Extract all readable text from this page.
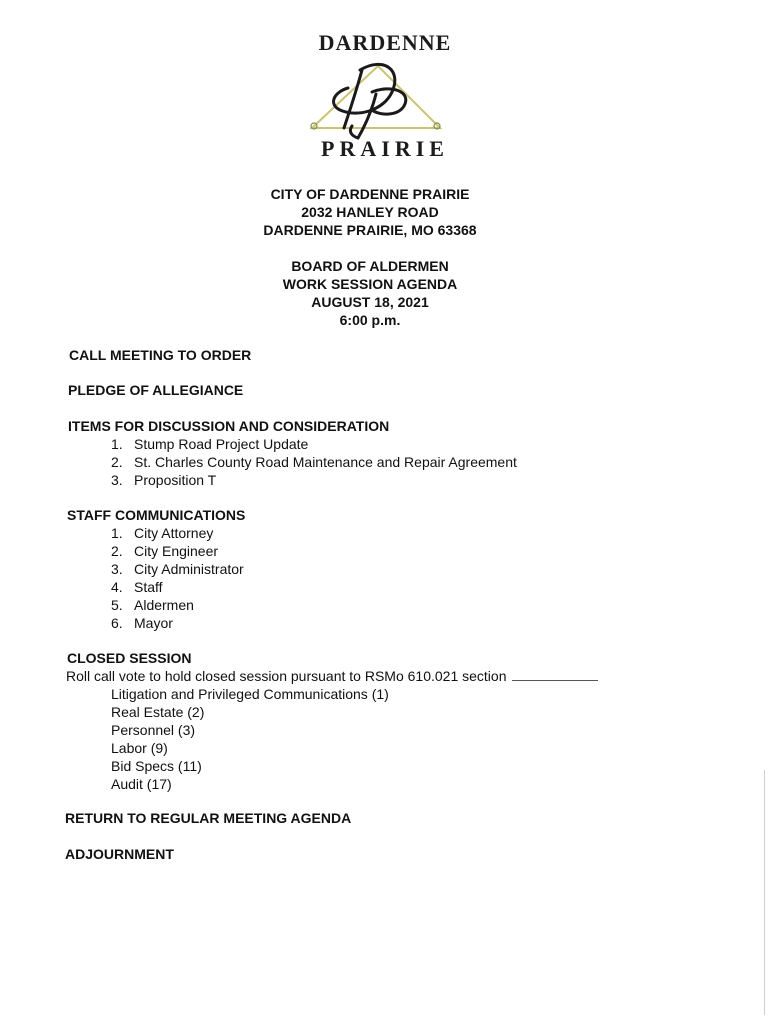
DARDENNE
PRAIRIE
CITY OF DARDENNE PRAIRIE
2032 HANLEY ROAD
DARDENNE PRAIRIE, MO 63368
BOARD OF ALDERMEN
WORK SESSION AGENDA
AUGUST 18, 2021
6:00 p.m.
CALL MEETING TO ORDER
PLEDGE OF ALLEGIANCE
ITEMS FOR DISCUSSION AND CONSIDERATION
1. Stump Road Project Update
2. St. Charles County Road Maintenance and Repair Agreement
3. Proposition T
STAFF COMMUNICATIONS
1. City Attorney
2. City Engineer
3. City Administrator
4. Staff
5. Aldermen
6. Mayor
CLOSED SESSION
Roll call vote to hold closed session pursuant to RSMo 610.021 section
Litigation and Privileged Communications (1)
Real Estate (2)
Personnel (3)
Labor (9)
Bid Specs (11)
Audit (17)
RETURN TO REGULAR MEETING AGENDA
ADJOURNMENT
